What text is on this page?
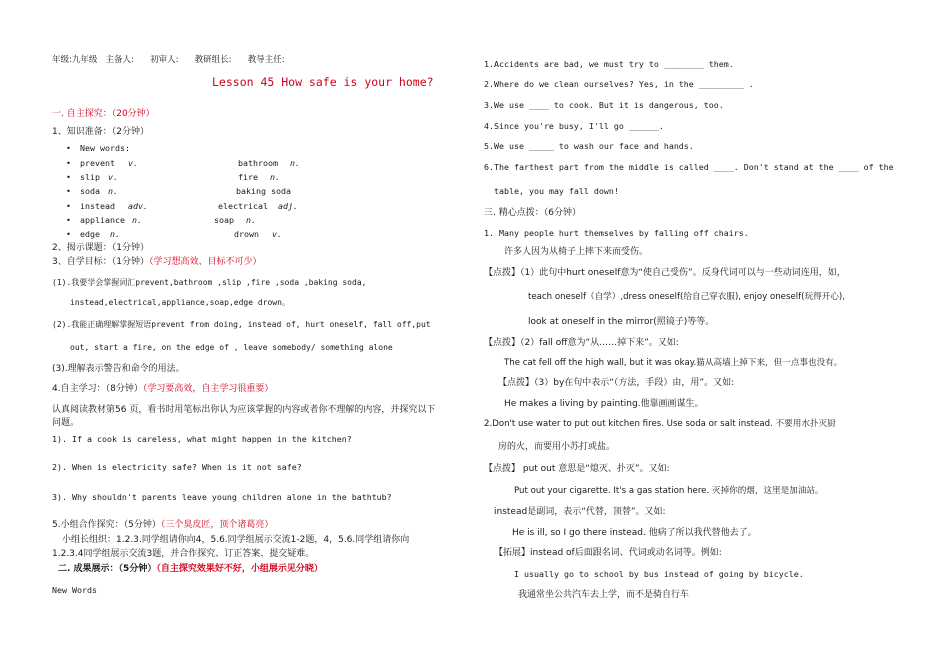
年级:九年级 主备人: 初审人: 教研组长: 教导主任:
Lesson 45 How safe is your home?
一. 自主探究：（20分钟）
1、知识准备：（2分钟）
• New words:
• prevent v.	bathroom n.
• slip v.	fire n.
• soda n.	baking soda
• instead adv.	electrical adj.
• appliance n.	soap n.
• edge n.	drown v.
2、揭示课题：（1分钟）
3、自学目标：（1分钟）（学习想高效、目标不可少）
(1).我要学会掌握词汇prevent,bathroom ,slip ,fire ,soda ,baking soda,
instead,electrical,appliance,soap,edge drown。
(2).我能正确理解掌握短语prevent from doing, instead of, hurt oneself, fall off,put
out, start a fire, on the edge of , leave somebody/ something alone
(3).理解表示警告和命令的用法。
4.自主学习：（8分钟）（学习要高效，自主学习很重要）
认真阅读教材第56 页，看书时用笔标出你认为应该掌握的内容或者你不理解的内容，并探究以下
问题。
1). If a cook is careless, what might happen in the kitchen?
2). When is electricity safe? When is it not safe?
3). Why shouldn't parents leave young children alone in the bathtub?
5.小组合作探究：（5分钟）（三个臭皮匠，顶个诸葛亮）
小组长组织：1.2.3.同学组请你向4，5.6.同学组展示交流1-2题，4，5.6.同学组请你向
1.2.3.4同学组展示交流3题，并合作探究、订正答案、提交疑难。
二. 成果展示：（5分钟）（自主探究效果好不好，小组展示见分晓）
New Words
1.Accidents are bad, we must try to ________ them.
2.Where do we clean ourselves? Yes, in the _________ .
3.We use ____ to cook. But it is dangerous, too.
4.Since you're busy, I'll go ______.
5.We use _____ to wash our face and hands.
6.The farthest part from the middle is called ____. Don't stand at the ____ of the
table, you may fall down!
三. 精心点拨：（6分钟）
1. Many people hurt themselves by falling off chairs.
许多人因为从椅子上摔下来而受伤。
【点拨】（1）此句中hurt oneself意为“使自己受伤”。反身代词可以与一些动词连用，如，
teach oneself（自学）,dress oneself(给自己穿衣服), enjoy oneself(玩得开心),
look at oneself in the mirror(照镜子)等等。
【点拨】（2）fall off意为“从……掉下来”。又如:
The cat fell off the high wall, but it was okay.猫从高墙上掉下来，但一点事也没有。
【点拨】（3）by在句中表示“（方法，手段）由，用”。又如:
He makes a living by painting.他靠画画谋生。
2.Don't use water to put out kitchen fires. Use soda or salt instead. 不要用水扑灭厨
房的火，而要用小苏打或盐。
【点拨】 put out 意思是“熄灭、扑灭”。又如:
Put out your cigarette. It's a gas station here. 灭掉你的烟，这里是加油站。
instead是副词，表示“代替，顶替”。又如:
He is ill, so I go there instead. 他病了所以我代替他去了。
【拓展】instead of后面跟名词、代词或动名词等。例如:
I usually go to school by bus instead of going by bicycle.
我通常坐公共汽车去上学，而不是骑自行车
